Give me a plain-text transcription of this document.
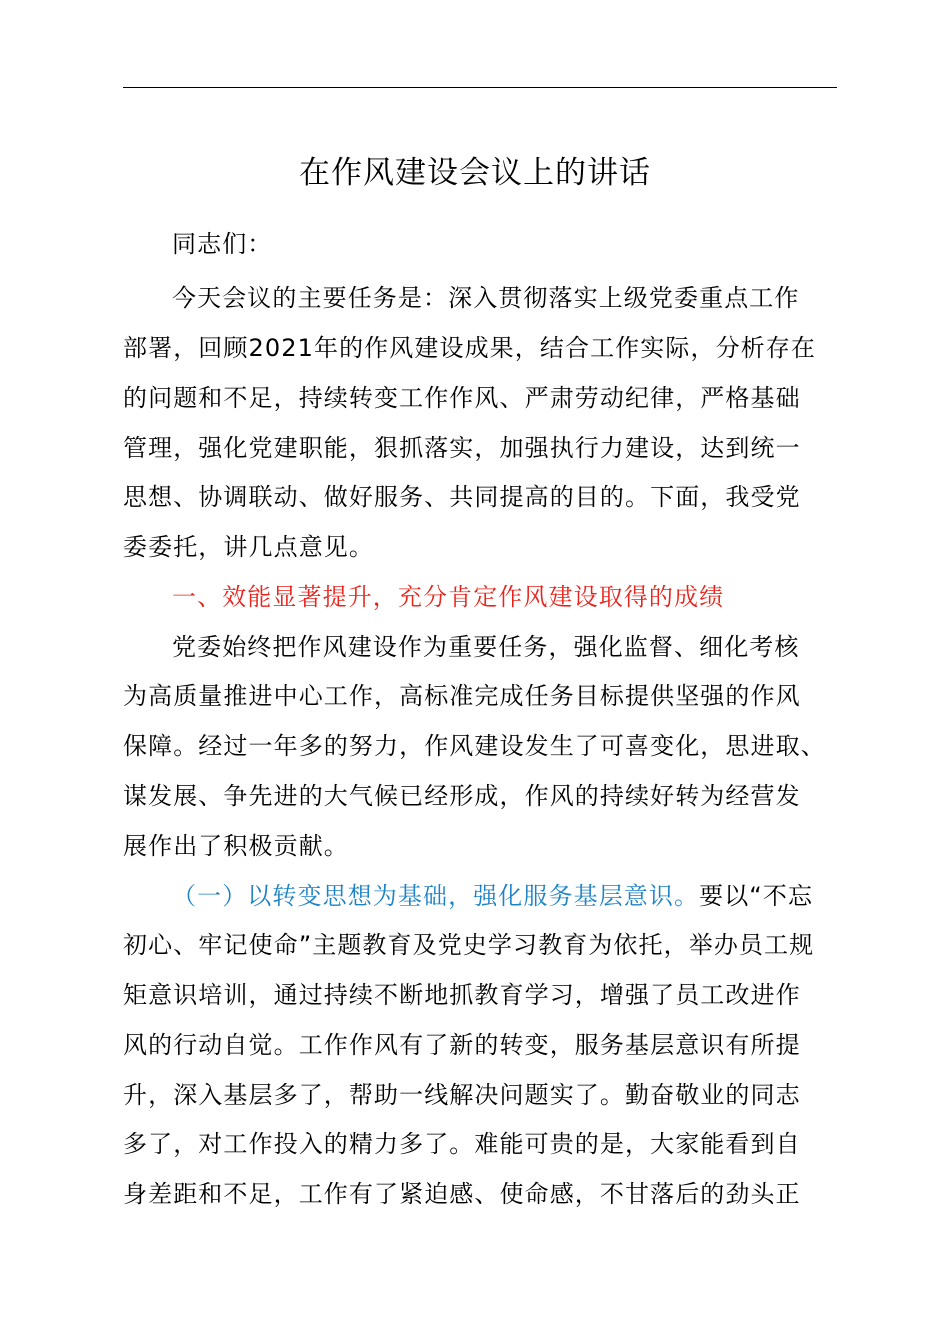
在作风建设会议上的讲话
同志们：
今天会议的主要任务是：深入贯彻落实上级党委重点工作
部署，回顾2021年的作风建设成果，结合工作实际，分析存在
的问题和不足，持续转变工作作风、严肃劳动纪律，严格基础
管理，强化党建职能，狠抓落实，加强执行力建设，达到统一
思想、协调联动、做好服务、共同提高的目的。下面，我受党
委委托，讲几点意见。
一、效能显著提升，充分肯定作风建设取得的成绩
党委始终把作风建设作为重要任务，强化监督、细化考核
为高质量推进中心工作，高标准完成任务目标提供坚强的作风
保障。经过一年多的努力，作风建设发生了可喜变化，思进取、
谋发展、争先进的大气候已经形成，作风的持续好转为经营发
展作出了积极贡献。
（一）以转变思想为基础，强化服务基层意识。要以“不忘
初心、牢记使命”主题教育及党史学习教育为依托，举办员工规
矩意识培训，通过持续不断地抓教育学习，增强了员工改进作
风的行动自觉。工作作风有了新的转变，服务基层意识有所提
升，深入基层多了，帮助一线解决问题实了。勤奋敬业的同志
多了，对工作投入的精力多了。难能可贵的是，大家能看到自
身差距和不足，工作有了紧迫感、使命感，不甘落后的劲头正
